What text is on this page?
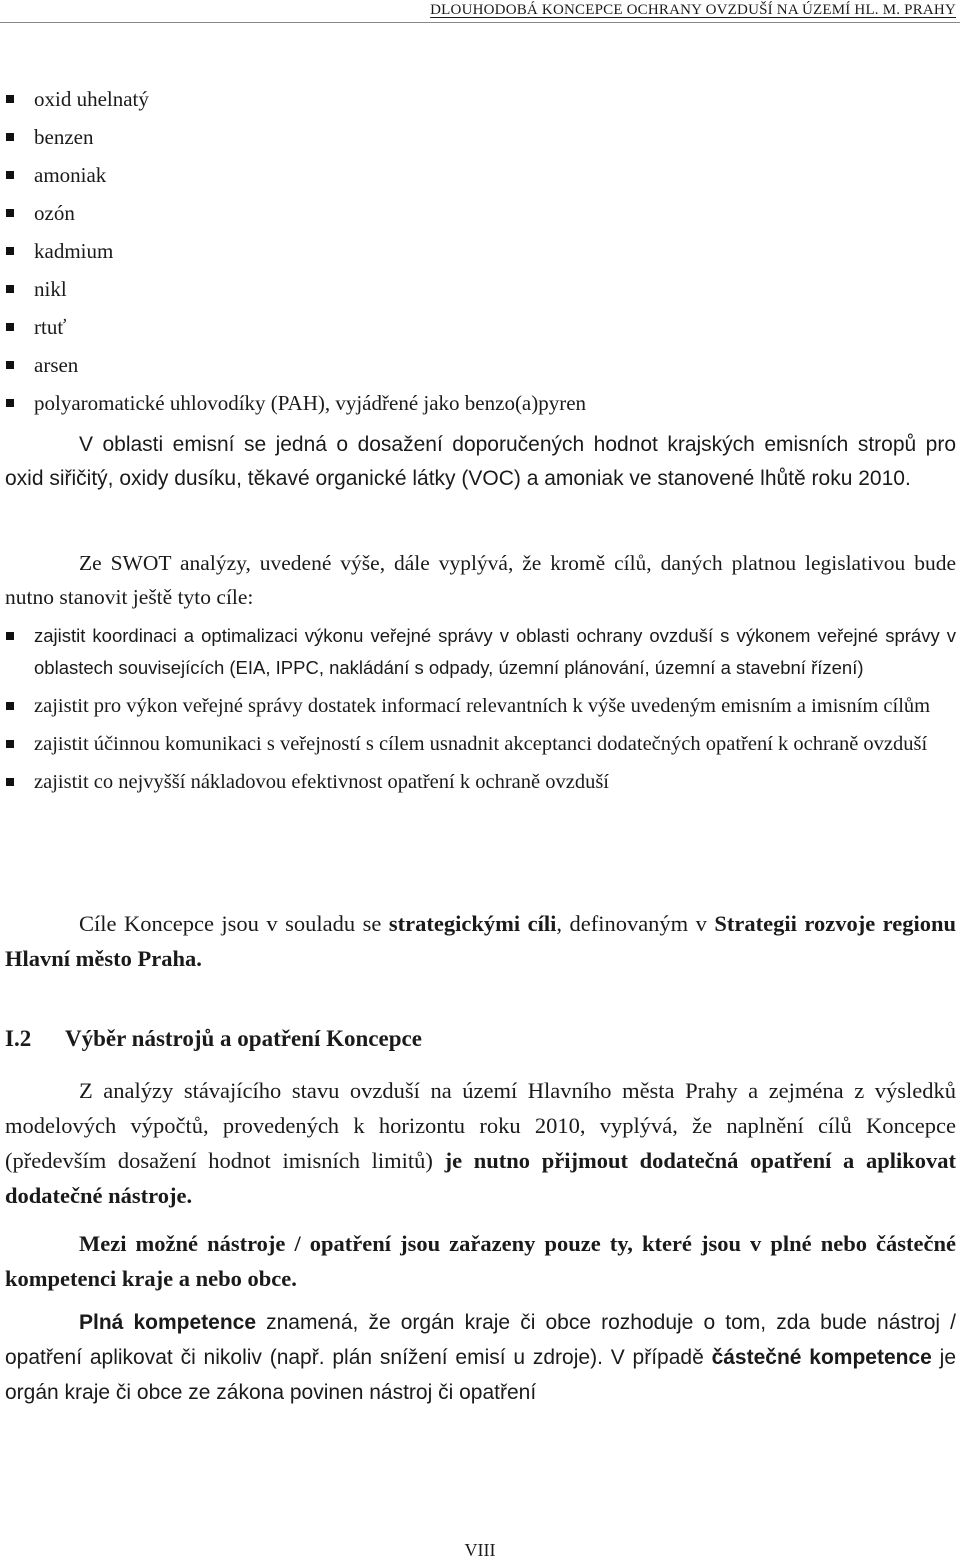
DLOUHODOBÁ KONCEPCE OCHRANY OVZDUŠÍ NA ÚZEMÍ HL. M. PRAHY
oxid uhelnatý
benzen
amoniak
ozón
kadmium
nikl
rtuť
arsen
polyaromatické uhlovodíky (PAH), vyjádřené jako benzo(a)pyren

V oblasti emisní se jedná o dosažení doporučených hodnot krajských emisních stropů pro oxid siřičitý, oxidy dusíku, těkavé organické látky (VOC) a amoniak ve stanovené lhůtě roku 2010.

Ze SWOT analýzy, uvedené výše, dále vyplývá, že kromě cílů, daných platnou legislativou bude nutno stanovit ještě tyto cíle:

zajistit koordinaci a optimalizaci výkonu veřejné správy v oblasti ochrany ovzduší s výkonem veřejné správy v oblastech souvisejících (EIA, IPPC, nakládání s odpady, územní plánování, územní a stavební řízení)
zajistit pro výkon veřejné správy dostatek informací relevantních k výše uvedeným emisním a imisním cílům
zajistit účinnou komunikaci s veřejností s cílem usnadnit akceptanci dodatečných opatření k ochraně ovzduší
zajistit co nejvyšší nákladovou efektivnost opatření k ochraně ovzduší

Cíle Koncepce jsou v souladu se strategickými cíli, definovaným v Strategii rozvoje regionu Hlavní město Praha.

I.2 Výběr nástrojů a opatření Koncepce

Z analýzy stávajícího stavu ovzduší na území Hlavního města Prahy a zejména z výsledků modelových výpočtů, provedených k horizontu roku 2010, vyplývá, že naplnění cílů Koncepce (především dosažení hodnot imisních limitů) je nutno přijmout dodatečná opatření a aplikovat dodatečné nástroje.

Mezi možné nástroje / opatření jsou zařazeny pouze ty, které jsou v plné nebo částečné kompetenci kraje a nebo obce.

Plná kompetence znamená, že orgán kraje či obce rozhoduje o tom, zda bude nástroj / opatření aplikovat či nikoliv (např. plán snížení emisí u zdroje). V případě částečné kompetence je orgán kraje či obce ze zákona povinen nástroj či opatření

VIII
